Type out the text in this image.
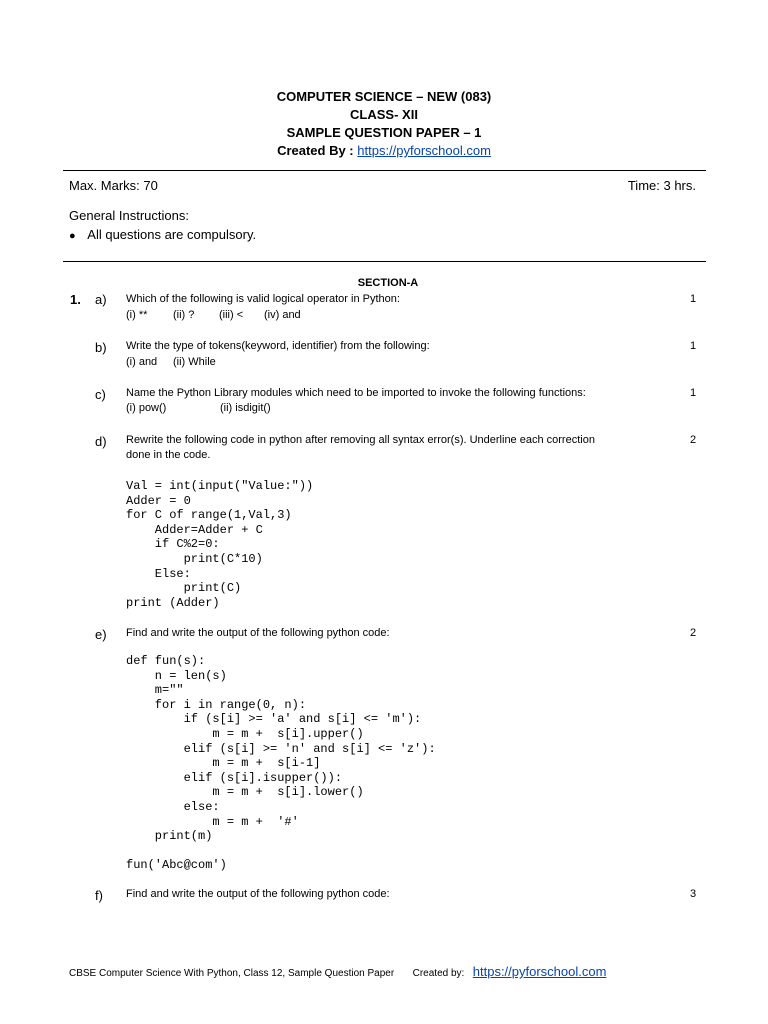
COMPUTER SCIENCE – NEW (083)
CLASS- XII
SAMPLE QUESTION PAPER – 1
Created By : https://pyforschool.com
Max. Marks: 70	Time: 3 hrs.
General Instructions:
● All questions are compulsory.
SECTION-A
1. a) Which of the following is valid logical operator in Python:
(i) ** (ii) ? (iii) < (iv) and
1
b) Write the type of tokens(keyword, identifier) from the following:
(i) and (ii) While
1
c) Name the Python Library modules which need to be imported to invoke the following functions:
(i) pow()	(ii) isdigit()
1
d) Rewrite the following code in python after removing all syntax error(s). Underline each correction
done in the code.
2
Val = int(input("Value:"))
Adder = 0
for C of range(1,Val,3)
Adder=Adder + C
if C%2=0:
print(C*10)
Else:
print(C)
print (Adder)
e) Find and write the output of the following python code:	2
def fun(s):
n = len(s)
m=""
for i in range(0, n):
if (s[i] >= 'a' and s[i] <= 'm'):
m = m +  s[i].upper()
elif (s[i] >= 'n' and s[i] <= 'z'):
m = m +  s[i-1]
elif (s[i].isupper()):
m = m +  s[i].lower()
else:
m = m +  '#'
print(m)

fun('Abc@com')
f) Find and write the output of the following python code:	3
CBSE Computer Science With Python, Class 12, Sample Question Paper Created by: https://pyforschool.com
